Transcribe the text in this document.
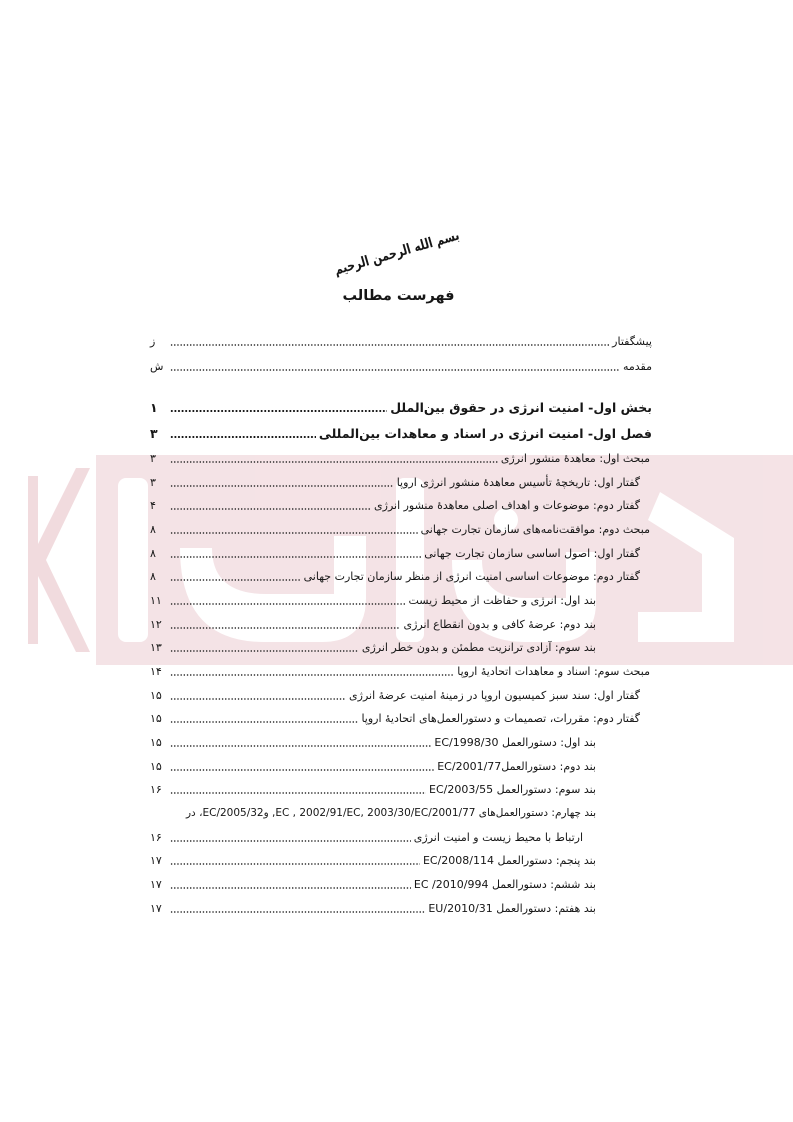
بسم الله الرحمن الرحیم
فهرست مطالب
پیشگفتار
ز
مقدمه
ش
بخش اول- امنیت انرژی در حقوق بین‌الملل
۱
فصل اول- امنیت انرژی در اسناد و معاهدات بین‌المللی
۳
مبحث اول: معاهدهٔ منشور انرژی
۳
گفتار اول: تاریخچهٔ تأسیس معاهدهٔ منشور انرژی اروپا
۳
گفتار دوم: موضوعات و اهداف اصلی معاهدهٔ منشور انرژی
۴
مبحث دوم: موافقت‌نامه‌های سازمان تجارت جهانی
۸
گفتار اول: اصول اساسی سازمان تجارت جهانی
۸
گفتار دوم: موضوعات اساسی امنیت انرژی از منظر سازمان تجارت جهانی
۸
بند اول: انرژی و حفاظت از محیط زیست
۱۱
بند دوم: عرضهٔ کافی و بدون انقطاع انرژی
۱۲
بند سوم: آزادی ترانزیت مطمئن و بدون خطر انرژی
۱۳
مبحث سوم: اسناد و معاهدات اتحادیهٔ اروپا
۱۴
گفتار اول: سند سبز کمیسیون اروپا در زمینهٔ امنیت عرضهٔ انرژی
۱۵
گفتار دوم: مقررات، تصمیمات و دستورالعمل‌های اتحادیهٔ اروپا
۱۵
بند اول: دستورالعمل 1998/30/EC
۱۵
بند دوم: دستورالعمل2001/77/EC
۱۵
بند سوم: دستورالعمل 2003/55/EC
۱۶
بند چهارم: دستورالعمل‌های 2001/77/EC , 2002/91/EC, 2003/30/EC, و2005/32/EC، در
ارتباط با محیط زیست و امنیت انرژی
۱۶
بند پنجم: دستورالعمل 2008/114/EC
۱۷
بند ششم: دستورالعمل 2010/994/ EC
۱۷
بند هفتم: دستورالعمل 2010/31/EU
۱۷
